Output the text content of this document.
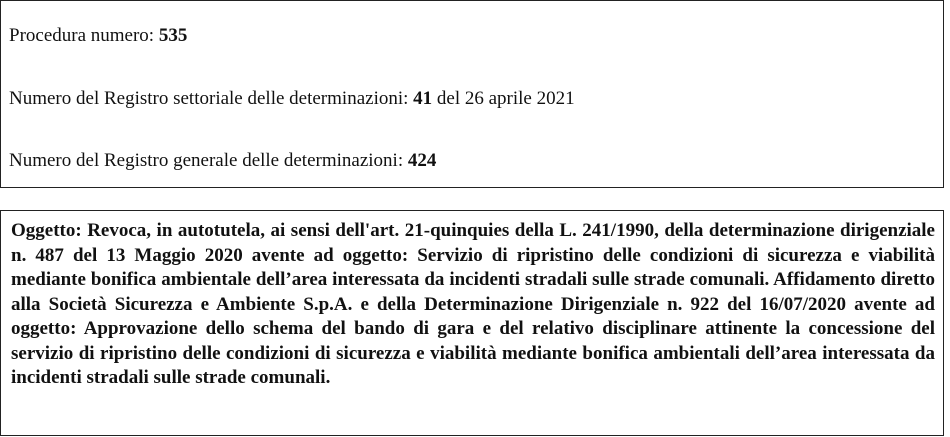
Procedura numero: 535
Numero del Registro settoriale delle determinazioni: 41 del 26 aprile 2021
Numero del Registro generale delle determinazioni: 424

Oggetto: Revoca, in autotutela, ai sensi dell'art. 21-quinquies della L. 241/1990, della determinazione dirigenziale n. 487 del 13 Maggio 2020 avente ad oggetto: Servizio di ripristino delle condizioni di sicurezza e viabilità mediante bonifica ambientale dell’area interessata da incidenti stradali sulle strade comunali. Affidamento diretto alla Società Sicurezza e Ambiente S.p.A. e della Determinazione Dirigenziale n. 922 del 16/07/2020 avente ad oggetto: Approvazione dello schema del bando di gara e del relativo disciplinare attinente la concessione del servizio di ripristino delle condizioni di sicurezza e viabilità mediante bonifica ambientali dell’area interessata da incidenti stradali sulle strade comunali.
